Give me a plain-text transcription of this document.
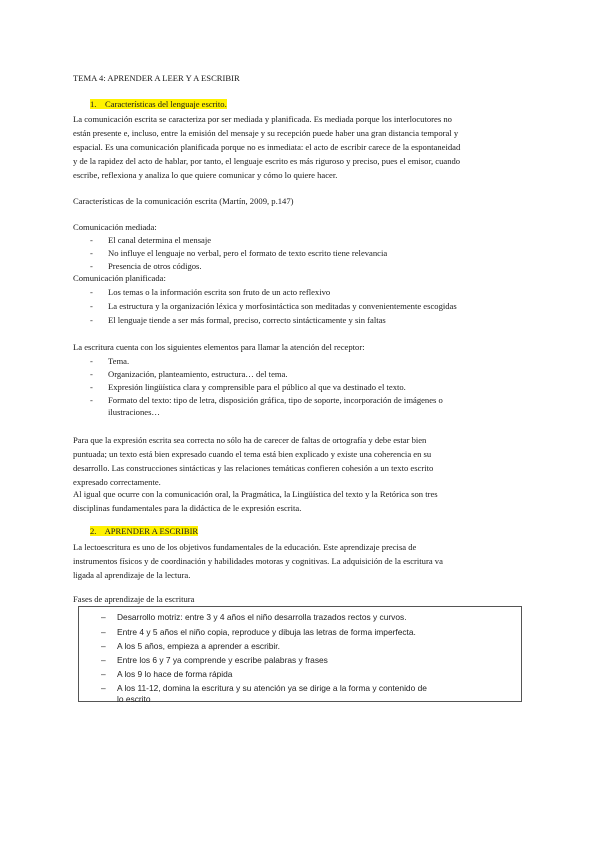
TEMA 4: APRENDER A LEER Y A ESCRIBIR
1.    Características del lenguaje escrito.
La comunicación escrita se caracteriza por ser mediada y planificada. Es mediada porque los interlocutores no
están presente e, incluso, entre la emisión del mensaje y su recepción puede haber una gran distancia temporal y
espacial. Es una comunicación planificada porque no es inmediata: el acto de escribir carece de la espontaneidad
y de la rapidez del acto de hablar, por tanto, el lenguaje escrito es más riguroso y preciso, pues el emisor, cuando
escribe, reflexiona y analiza lo que quiere comunicar y cómo lo quiere hacer.
Características de la comunicación escrita (Martín, 2009, p.147)
Comunicación mediada:
- El canal determina el mensaje
- No influye el lenguaje no verbal, pero el formato de texto escrito tiene relevancia
- Presencia de otros códigos.
Comunicación planificada:
- Los temas o la información escrita son fruto de un acto reflexivo
- La estructura y la organización léxica y morfosintáctica son meditadas y convenientemente escogidas
- El lenguaje tiende a ser más formal, preciso, correcto sintácticamente y sin faltas
La escritura cuenta con los siguientes elementos para llamar la atención del receptor:
- Tema.
- Organización, planteamiento, estructura… del tema.
- Expresión lingüística clara y comprensible para el público al que va destinado el texto.
- Formato del texto: tipo de letra, disposición gráfica, tipo de soporte, incorporación de imágenes o
ilustraciones…
Para que la expresión escrita sea correcta no sólo ha de carecer de faltas de ortografía y debe estar bien
puntuada; un texto está bien expresado cuando el tema está bien explicado y existe una coherencia en su
desarrollo. Las construcciones sintácticas y las relaciones temáticas confieren cohesión a un texto escrito
expresado correctamente.
Al igual que ocurre con la comunicación oral, la Pragmática, la Lingüística del texto y la Retórica son tres
disciplinas fundamentales para la didáctica de le expresión escrita.
2.    APRENDER A ESCRIBIR
La lectoescritura es uno de los objetivos fundamentales de la educación. Este aprendizaje precisa de
instrumentos físicos y de coordinación y habilidades motoras y cognitivas. La adquisición de la escritura va
ligada al aprendizaje de la lectura.
Fases de aprendizaje de la escritura
– Desarrollo motriz: entre 3 y 4 años el niño desarrolla trazados rectos y curvos.
– Entre 4 y 5 años el niño copia, reproduce y dibuja las letras de forma imperfecta.
– A los 5 años, empieza a aprender a escribir.
– Entre los 6 y 7 ya comprende y escribe palabras y frases
– A los 9 lo hace de forma rápida
– A los 11-12, domina la escritura y su atención ya se dirige a la forma y contenido de
lo escrito
